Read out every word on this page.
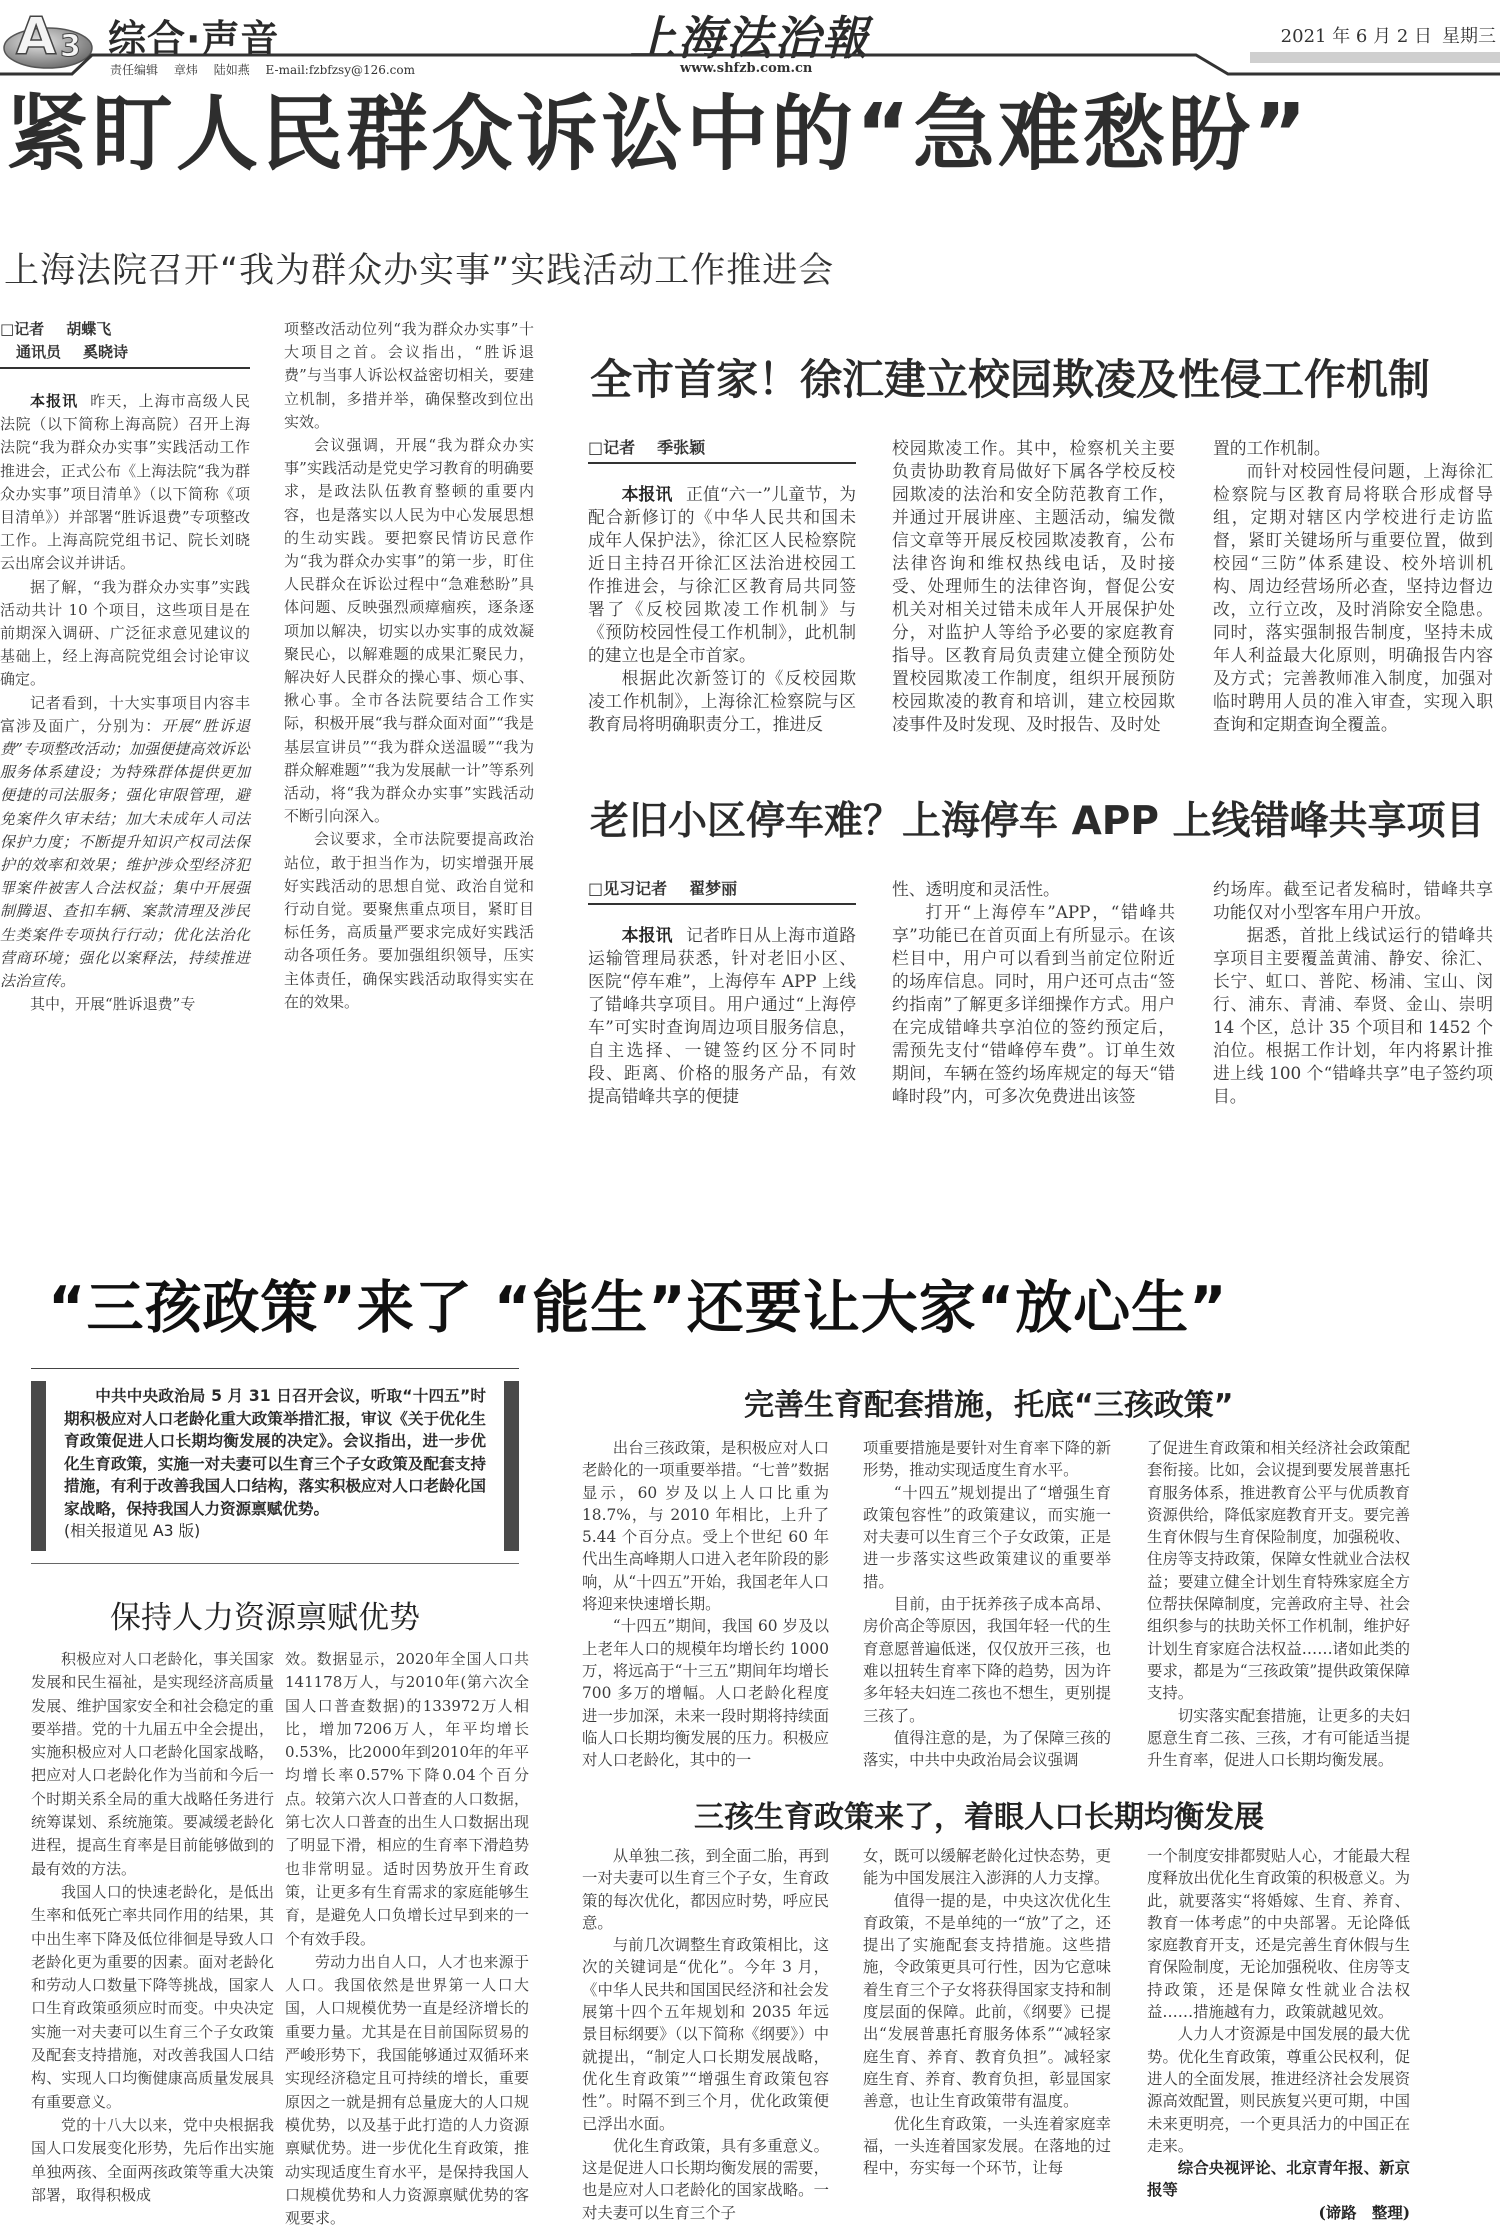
A 3 综合·声音
责任编辑 章炜 陆如燕 E-mail:fzbfzsy@126.com
上海法治報
www.shfzb.com.cn
2021 年 6 月 2 日 星期三
紧盯人民群众诉讼中的“急难愁盼”
上海法院召开“我为群众办实事”实践活动工作推进会
□记者 胡蝶飞
通讯员 奚晓诗

本报讯 昨天，上海市高级人民法院（以下简称上海高院）召开上海法院“我为群众办实事”实践活动工作推进会，正式公布《上海法院“我为群众办实事”项目清单》（以下简称《项目清单》）并部署“胜诉退费”专项整改工作。上海高院党组书记、院长刘晓云出席会议并讲话。

据了解，“我为群众办实事”实践活动共计 10 个项目，这些项目是在前期深入调研、广泛征求意见建议的基础上，经上海高院党组会讨论审议确定。

记者看到，十大实事项目内容丰富涉及面广，分别为：开展“胜诉退费”专项整改活动；加强便捷高效诉讼服务体系建设；为特殊群体提供更加便捷的司法服务；强化审限管理，避免案件久审未结；加大未成年人司法保护力度；不断提升知识产权司法保护的效率和效果；维护涉众型经济犯罪案件被害人合法权益；集中开展强制腾退、查扣车辆、案款清理及涉民生类案件专项执行行动；优化法治化营商环境；强化以案释法，持续推进法治宣传。

其中，开展“胜诉退费”专

项整改活动位列“我为群众办实事”十大项目之首。会议指出，“胜诉退费”与当事人诉讼权益密切相关，要建立机制，多措并举，确保整改到位出实效。

会议强调，开展“我为群众办实事”实践活动是党史学习教育的明确要求，是政法队伍教育整顿的重要内容，也是落实以人民为中心发展思想的生动实践。要把察民情访民意作为“我为群众办实事”的第一步，盯住人民群众在诉讼过程中“急难愁盼”具体问题、反映强烈顽瘴痼疾，逐条逐项加以解决，切实以办实事的成效凝聚民心，以解难题的成果汇聚民力，解决好人民群众的操心事、烦心事、揪心事。全市各法院要结合工作实际，积极开展“我与群众面对面”“我是基层宣讲员”“我为群众送温暖”“我为群众解难题”“我为发展献一计”等系列活动，将“我为群众办实事”实践活动不断引向深入。

会议要求，全市法院要提高政治站位，敢于担当作为，切实增强开展好实践活动的思想自觉、政治自觉和行动自觉。要聚焦重点项目，紧盯目标任务，高质量严要求完成好实践活动各项任务。要加强组织领导，压实主体责任，确保实践活动取得实实在在的效果。

全市首家！徐汇建立校园欺凌及性侵工作机制
□记者 季张颖

本报讯 正值“六一”儿童节，为配合新修订的《中华人民共和国未成年人保护法》，徐汇区人民检察院近日主持召开徐汇区法治进校园工作推进会，与徐汇区教育局共同签署了《反校园欺凌工作机制》与《预防校园性侵工作机制》，此机制的建立也是全市首家。

根据此次新签订的《反校园欺凌工作机制》，上海徐汇检察院与区教育局将明确职责分工，推进反

校园欺凌工作。其中，检察机关主要负责协助教育局做好下属各学校反校园欺凌的法治和安全防范教育工作，并通过开展讲座、主题活动，编发微信文章等开展反校园欺凌教育，公布法律咨询和维权热线电话，及时接受、处理师生的法律咨询，督促公安机关对相关过错未成年人开展保护处分，对监护人等给予必要的家庭教育指导。区教育局负责建立健全预防处置校园欺凌工作制度，组织开展预防校园欺凌的教育和培训，建立校园欺凌事件及时发现、及时报告、及时处

置的工作机制。

而针对校园性侵问题，上海徐汇检察院与区教育局将联合形成督导组，定期对辖区内学校进行走访监督，紧盯关键场所与重要位置，做到校园“三防”体系建设、校外培训机构、周边经营场所必查，坚持边督边改，立行立改，及时消除安全隐患。同时，落实强制报告制度，坚持未成年人利益最大化原则，明确报告内容及方式；完善教师准入制度，加强对临时聘用人员的准入审查，实现入职查询和定期查询全覆盖。

老旧小区停车难？上海停车 APP 上线错峰共享项目
□见习记者 翟梦丽

本报讯 记者昨日从上海市道路运输管理局获悉，针对老旧小区、医院“停车难”，上海停车 APP 上线了错峰共享项目。用户通过“上海停车”可实时查询周边项目服务信息，自主选择、一键签约区分不同时段、距离、价格的服务产品，有效提高错峰共享的便捷

性、透明度和灵活性。

打开“上海停车”APP，“错峰共享”功能已在首页面上有所显示。在该栏目中，用户可以看到当前定位附近的场库信息。同时，用户还可点击“签约指南”了解更多详细操作方式。用户在完成错峰共享泊位的签约预定后，需预先支付“错峰停车费”。订单生效期间，车辆在签约场库规定的每天“错峰时段”内，可多次免费进出该签

约场库。截至记者发稿时，错峰共享功能仅对小型客车用户开放。

据悉，首批上线试运行的错峰共享项目主要覆盖黄浦、静安、徐汇、长宁、虹口、普陀、杨浦、宝山、闵行、浦东、青浦、奉贤、金山、崇明 14 个区，总计 35 个项目和 1452 个泊位。根据工作计划，年内将累计推进上线 100 个“错峰共享”电子签约项目。

“三孩政策”来了 “能生”还要让大家“放心生”

中共中央政治局 5 月 31 日召开会议，听取“十四五”时期积极应对人口老龄化重大政策举措汇报，审议《关于优化生育政策促进人口长期均衡发展的决定》。会议指出，进一步优化生育政策，实施一对夫妻可以生育三个子女政策及配套支持措施，有利于改善我国人口结构，落实积极应对人口老龄化国家战略，保持我国人力资源禀赋优势。
(相关报道见 A3 版)

保持人力资源禀赋优势

积极应对人口老龄化，事关国家发展和民生福祉，是实现经济高质量发展、维护国家安全和社会稳定的重要举措。党的十九届五中全会提出，实施积极应对人口老龄化国家战略，把应对人口老龄化作为当前和今后一个时期关系全局的重大战略任务进行统筹谋划、系统施策。要减缓老龄化进程，提高生育率是目前能够做到的最有效的方法。

我国人口的快速老龄化，是低出生率和低死亡率共同作用的结果，其中出生率下降及低位徘徊是导致人口老龄化更为重要的因素。面对老龄化和劳动人口数量下降等挑战，国家人口生育政策亟须应时而变。中央决定实施一对夫妻可以生育三个子女政策及配套支持措施，对改善我国人口结构、实现人口均衡健康高质量发展具有重要意义。

党的十八大以来，党中央根据我国人口发展变化形势，先后作出实施单独两孩、全面两孩政策等重大决策部署，取得积极成

效。数据显示，2020年全国人口共141178万人，与2010年(第六次全国人口普查数据)的133972万人相比，增加7206万人，年平均增长0.53%，比2000年到2010年的年平均增长率0.57%下降0.04个百分点。较第六次人口普查的人口数据，第七次人口普查的出生人口数据出现了明显下滑，相应的生育率下滑趋势也非常明显。适时因势放开生育政策，让更多有生育需求的家庭能够生育，是避免人口负增长过早到来的一个有效手段。

劳动力出自人口，人才也来源于人口。我国依然是世界第一人口大国，人口规模优势一直是经济增长的重要力量。尤其是在目前国际贸易的严峻形势下，我国能够通过双循环来实现经济稳定且可持续的增长，重要原因之一就是拥有总量庞大的人口规模优势，以及基于此打造的人力资源禀赋优势。进一步优化生育政策，推动实现适度生育水平，是保持我国人口规模优势和人力资源禀赋优势的客观要求。

完善生育配套措施，托底“三孩政策”

出台三孩政策，是积极应对人口老龄化的一项重要举措。“七普”数据显示，60 岁及以上人口比重为 18.7%，与 2010 年相比，上升了 5.44 个百分点。受上个世纪 60 年代出生高峰期人口进入老年阶段的影响，从“十四五”开始，我国老年人口将迎来快速增长期。

“十四五”期间，我国 60 岁及以上老年人口的规模年均增长约 1000 万，将远高于“十三五”期间年均增长 700 多万的增幅。人口老龄化程度进一步加深，未来一段时期将持续面临人口长期均衡发展的压力。积极应对人口老龄化，其中的一

项重要措施是要针对生育率下降的新形势，推动实现适度生育水平。

“十四五”规划提出了“增强生育政策包容性”的政策建议，而实施一对夫妻可以生育三个子女政策，正是进一步落实这些政策建议的重要举措。

目前，由于抚养孩子成本高昂、房价高企等原因，我国年轻一代的生育意愿普遍低迷，仅仅放开三孩，也难以扭转生育率下降的趋势，因为许多年轻夫妇连二孩也不想生，更别提三孩了。

值得注意的是，为了保障三孩的落实，中共中央政治局会议强调

了促进生育政策和相关经济社会政策配套衔接。比如，会议提到要发展普惠托育服务体系，推进教育公平与优质教育资源供给，降低家庭教育开支。要完善生育休假与生育保险制度，加强税收、住房等支持政策，保障女性就业合法权益；要建立健全计划生育特殊家庭全方位帮扶保障制度，完善政府主导、社会组织参与的扶助关怀工作机制，维护好计划生育家庭合法权益……诸如此类的要求，都是为“三孩政策”提供政策保障支持。

切实落实配套措施，让更多的夫妇愿意生育二孩、三孩，才有可能适当提升生育率，促进人口长期均衡发展。

三孩生育政策来了，着眼人口长期均衡发展

从单独二孩，到全面二胎，再到一对夫妻可以生育三个子女，生育政策的每次优化，都因应时势，呼应民意。

与前几次调整生育政策相比，这次的关键词是“优化”。今年 3 月，《中华人民共和国国民经济和社会发展第十四个五年规划和 2035 年远景目标纲要》（以下简称《纲要》）中就提出，“制定人口长期发展战略，优化生育政策”“增强生育政策包容性”。时隔不到三个月，优化政策便已浮出水面。

优化生育政策，具有多重意义。这是促进人口长期均衡发展的需要，也是应对人口老龄化的国家战略。一对夫妻可以生育三个子

女，既可以缓解老龄化过快态势，更能为中国发展注入澎湃的人力支撑。

值得一提的是，中央这次优化生育政策，不是单纯的一“放”了之，还提出了实施配套支持措施。这些措施，令政策更具可行性，因为它意味着生育三个子女将获得国家支持和制度层面的保障。此前，《纲要》已提出“发展普惠托育服务体系”“减轻家庭生育、养育、教育负担”。减轻家庭生育、养育、教育负担，彰显国家善意，也让生育政策带有温度。

优化生育政策，一头连着家庭幸福，一头连着国家发展。在落地的过程中，夯实每一个环节，让每

一个制度安排都熨贴人心，才能最大程度释放出优化生育政策的积极意义。为此，就要落实“将婚嫁、生育、养育、教育一体考虑”的中央部署。无论降低家庭教育开支，还是完善生育休假与生育保险制度，无论加强税收、住房等支持政策，还是保障女性就业合法权益……措施越有力，政策就越见效。

人力人才资源是中国发展的最大优势。优化生育政策，尊重公民权利，促进人的全面发展，推进经济社会发展资源高效配置，则民族复兴更可期，中国未来更明亮，一个更具活力的中国正在走来。

综合央视评论、北京青年报、新京报等

(谛路　整理)
